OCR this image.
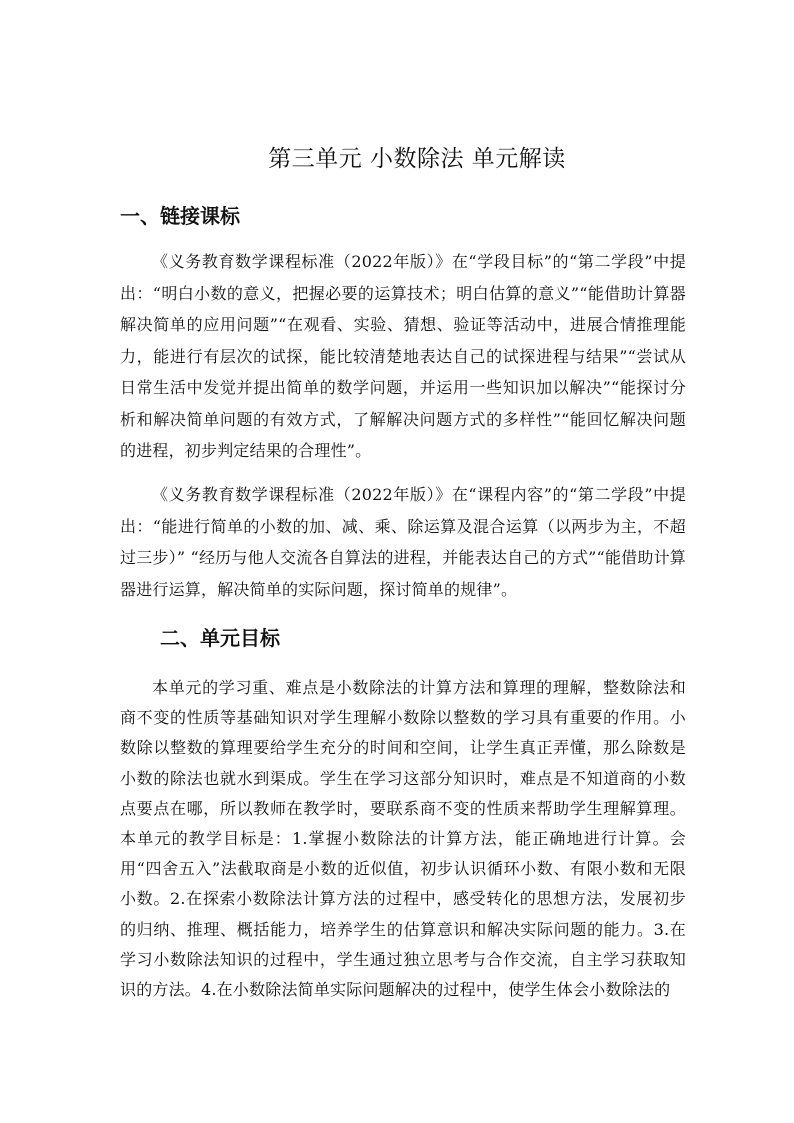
第三单元 小数除法 单元解读
一、链接课标

《义务教育数学课程标准（2022年版）》在“学段目标”的“第二学段”中提出：“明白小数的意义，把握必要的运算技术；明白估算的意义”“能借助计算器解决简单的应用问题”“在观看、实验、猜想、验证等活动中，进展合情推理能力，能进行有层次的试探，能比较清楚地表达自己的试探进程与结果”“尝试从日常生活中发觉并提出简单的数学问题，并运用一些知识加以解决”“能探讨分析和解决简单问题的有效方式，了解解决问题方式的多样性”“能回忆解决问题的进程，初步判定结果的合理性”。

《义务教育数学课程标准（2022年版）》在“课程内容”的“第二学段”中提出：“能进行简单的小数的加、减、乘、除运算及混合运算（以两步为主，不超过三步）” “经历与他人交流各自算法的进程，并能表达自己的方式”“能借助计算器进行运算，解决简单的实际问题，探讨简单的规律”。

二、单元目标

本单元的学习重、难点是小数除法的计算方法和算理的理解，整数除法和商不变的性质等基础知识对学生理解小数除以整数的学习具有重要的作用。小数除以整数的算理要给学生充分的时间和空间，让学生真正弄懂，那么除数是小数的除法也就水到渠成。学生在学习这部分知识时，难点是不知道商的小数点要点在哪，所以教师在教学时，要联系商不变的性质来帮助学生理解算理。本单元的教学目标是：1.掌握小数除法的计算方法，能正确地进行计算。会用“四舍五入”法截取商是小数的近似值，初步认识循环小数、有限小数和无限小数。2.在探索小数除法计算方法的过程中，感受转化的思想方法，发展初步的归纳、推理、概括能力，培养学生的估算意识和解决实际问题的能力。3.在学习小数除法知识的过程中，学生通过独立思考与合作交流，自主学习获取知识的方法。4.在小数除法简单实际问题解决的过程中，使学生体会小数除法的
